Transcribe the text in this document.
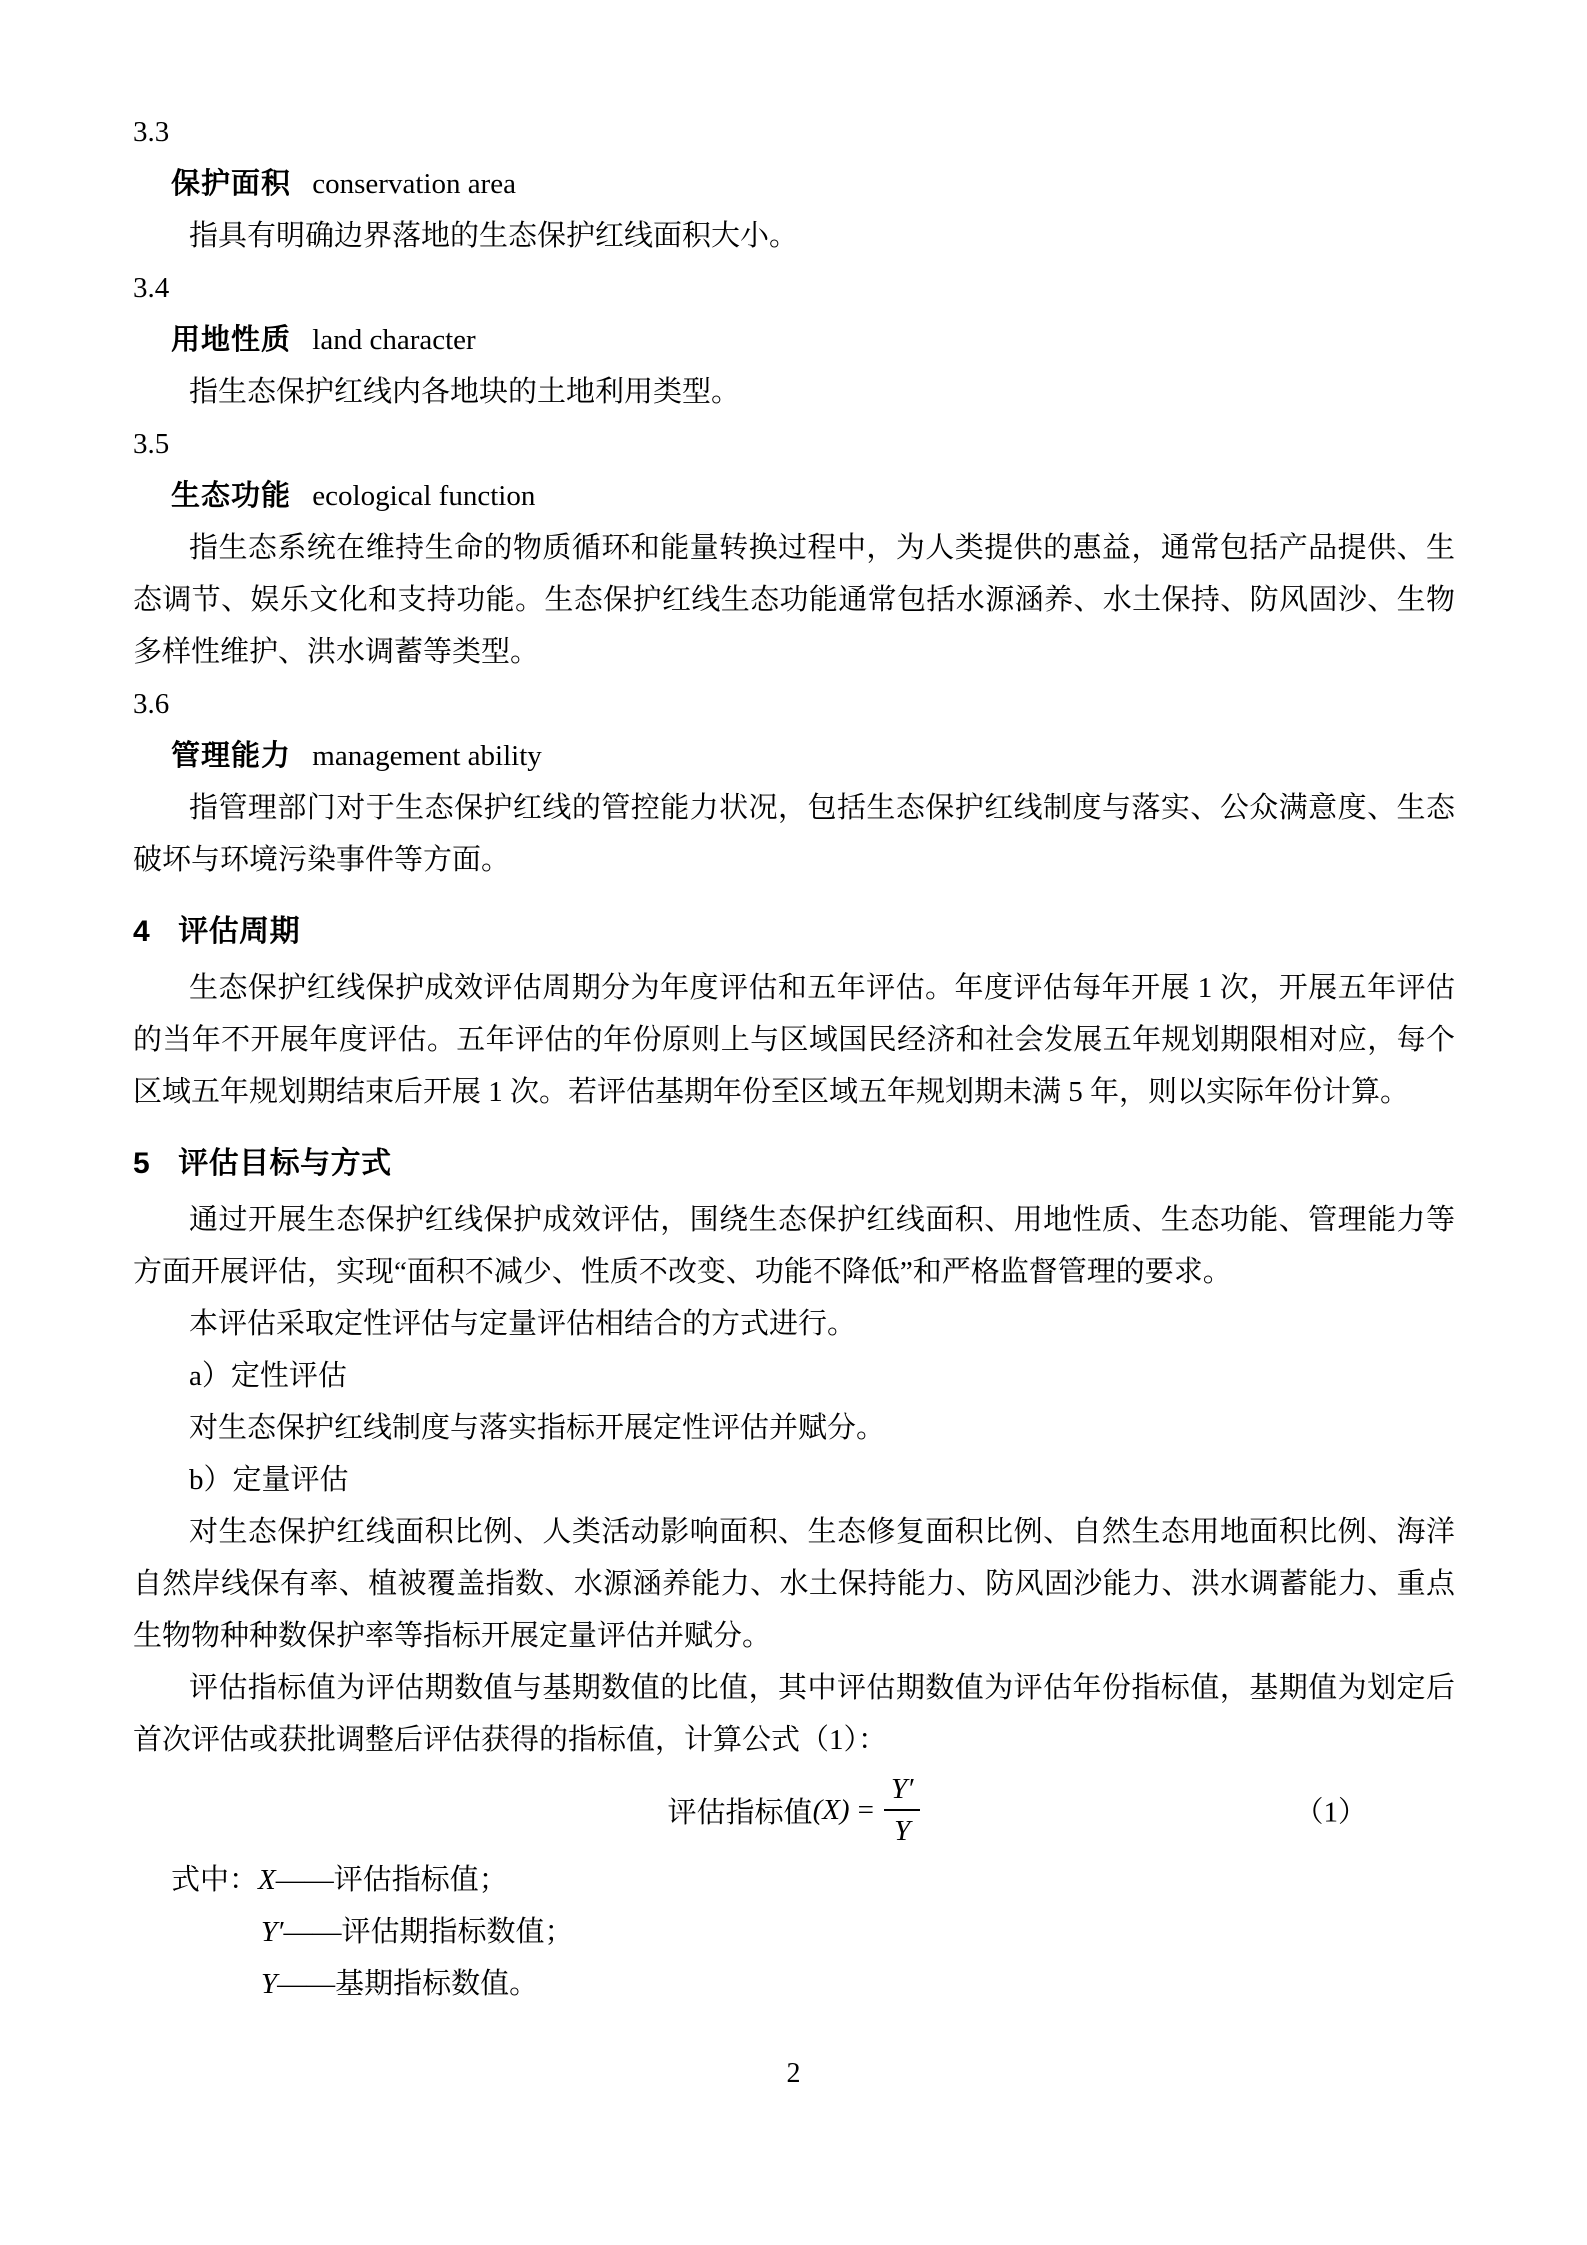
3.3

保护面积 conservation area

指具有明确边界落地的生态保护红线面积大小。

3.4

用地性质 land character

指生态保护红线内各地块的土地利用类型。

3.5

生态功能 ecological function

指生态系统在维持生命的物质循环和能量转换过程中，为人类提供的惠益，通常包括产品提供、生态调节、娱乐文化和支持功能。生态保护红线生态功能通常包括水源涵养、水土保持、防风固沙、生物多样性维护、洪水调蓄等类型。

3.6

管理能力 management ability

指管理部门对于生态保护红线的管控能力状况，包括生态保护红线制度与落实、公众满意度、生态破坏与环境污染事件等方面。

4 评估周期

生态保护红线保护成效评估周期分为年度评估和五年评估。年度评估每年开展 1 次，开展五年评估的当年不开展年度评估。五年评估的年份原则上与区域国民经济和社会发展五年规划期限相对应，每个区域五年规划期结束后开展 1 次。若评估基期年份至区域五年规划期未满 5 年，则以实际年份计算。

5 评估目标与方式

通过开展生态保护红线保护成效评估，围绕生态保护红线面积、用地性质、生态功能、管理能力等方面开展评估，实现“面积不减少、性质不改变、功能不降低”和严格监督管理的要求。

本评估采取定性评估与定量评估相结合的方式进行。

a）定性评估

对生态保护红线制度与落实指标开展定性评估并赋分。

b）定量评估

对生态保护红线面积比例、人类活动影响面积、生态修复面积比例、自然生态用地面积比例、海洋自然岸线保有率、植被覆盖指数、水源涵养能力、水土保持能力、防风固沙能力、洪水调蓄能力、重点生物物种种数保护率等指标开展定量评估并赋分。

评估指标值为评估期数值与基期数值的比值，其中评估期数值为评估年份指标值，基期值为划定后首次评估或获批调整后评估获得的指标值，计算公式（1）：

评估指标值 $(X) = \frac{Y'}{Y}$	（1）

式中：X——评估指标值；

Y′——评估期指标数值；

Y——基期指标数值。

2
